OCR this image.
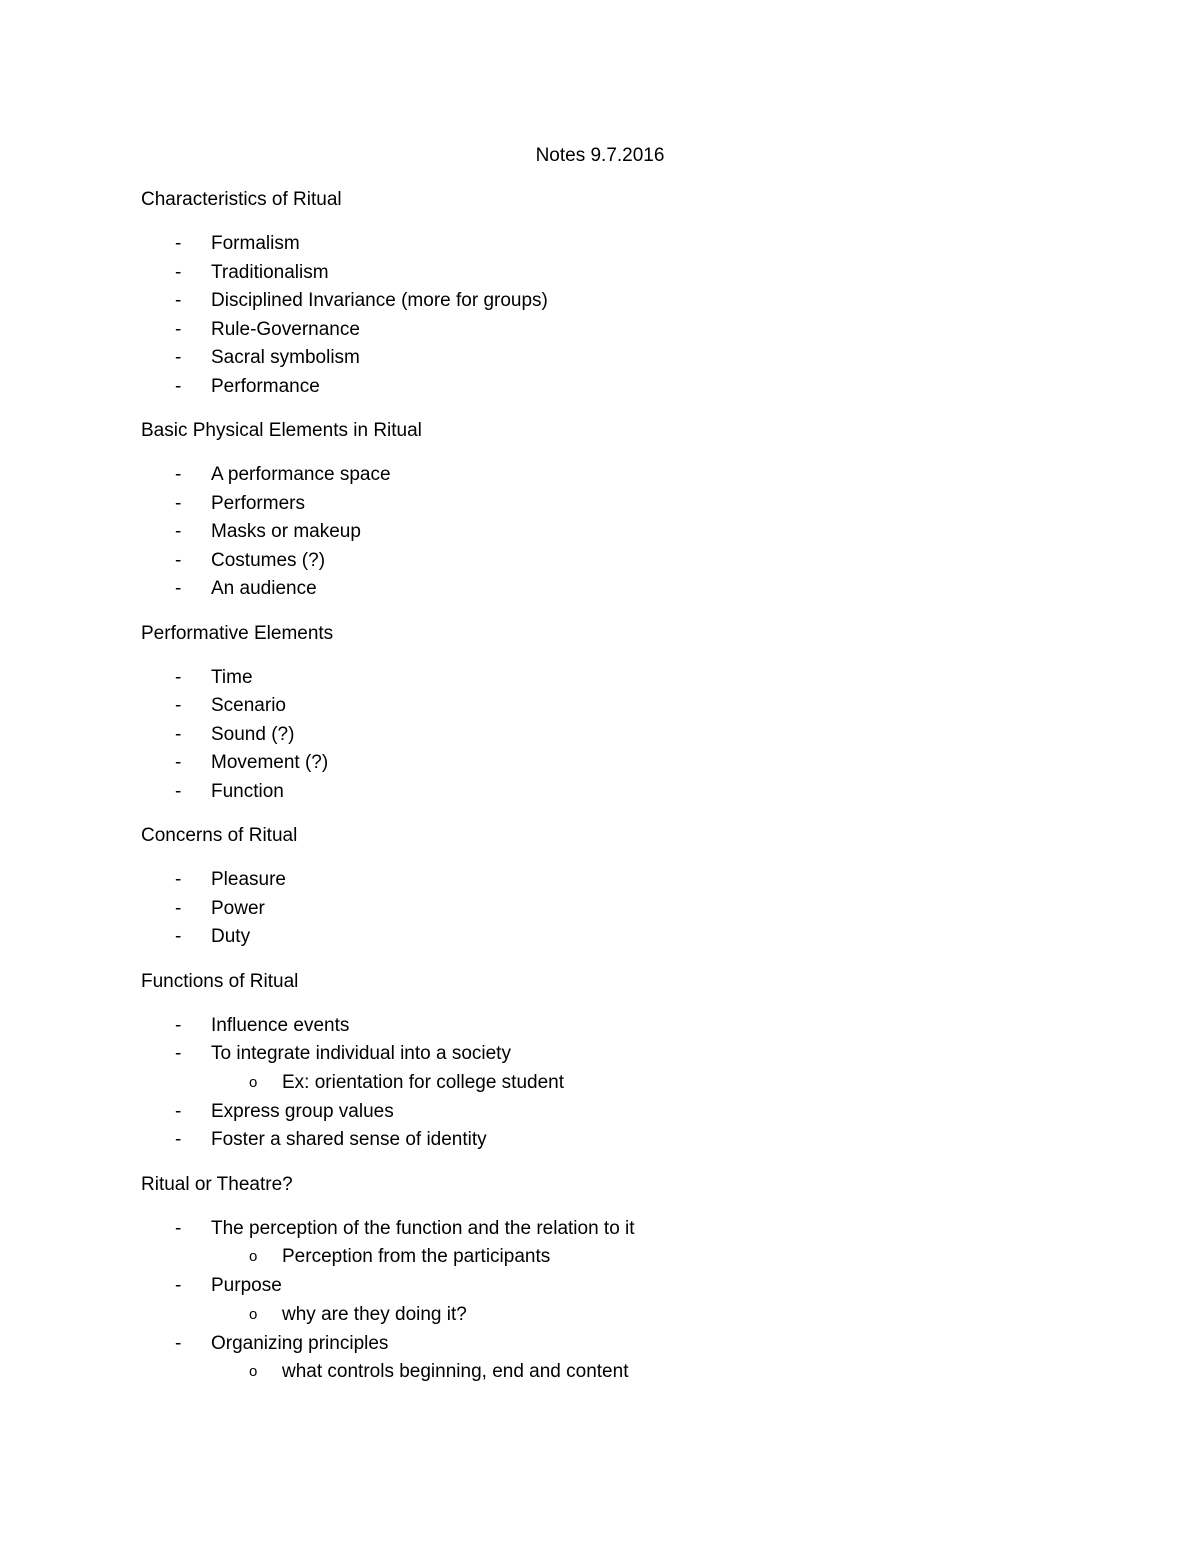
Notes 9.7.2016
Characteristics of Ritual
- Formalism
- Traditionalism
- Disciplined Invariance (more for groups)
- Rule-Governance
- Sacral symbolism
- Performance
Basic Physical Elements in Ritual
- A performance space
- Performers
- Masks or makeup
- Costumes (?)
- An audience
Performative Elements
- Time
- Scenario
- Sound (?)
- Movement (?)
- Function
Concerns of Ritual
- Pleasure
- Power
- Duty
Functions of Ritual
- Influence events
- To integrate individual into a society
o Ex: orientation for college student
- Express group values
- Foster a shared sense of identity
Ritual or Theatre?
- The perception of the function and the relation to it
o Perception from the participants
- Purpose
o why are they doing it?
- Organizing principles
o what controls beginning, end and content
